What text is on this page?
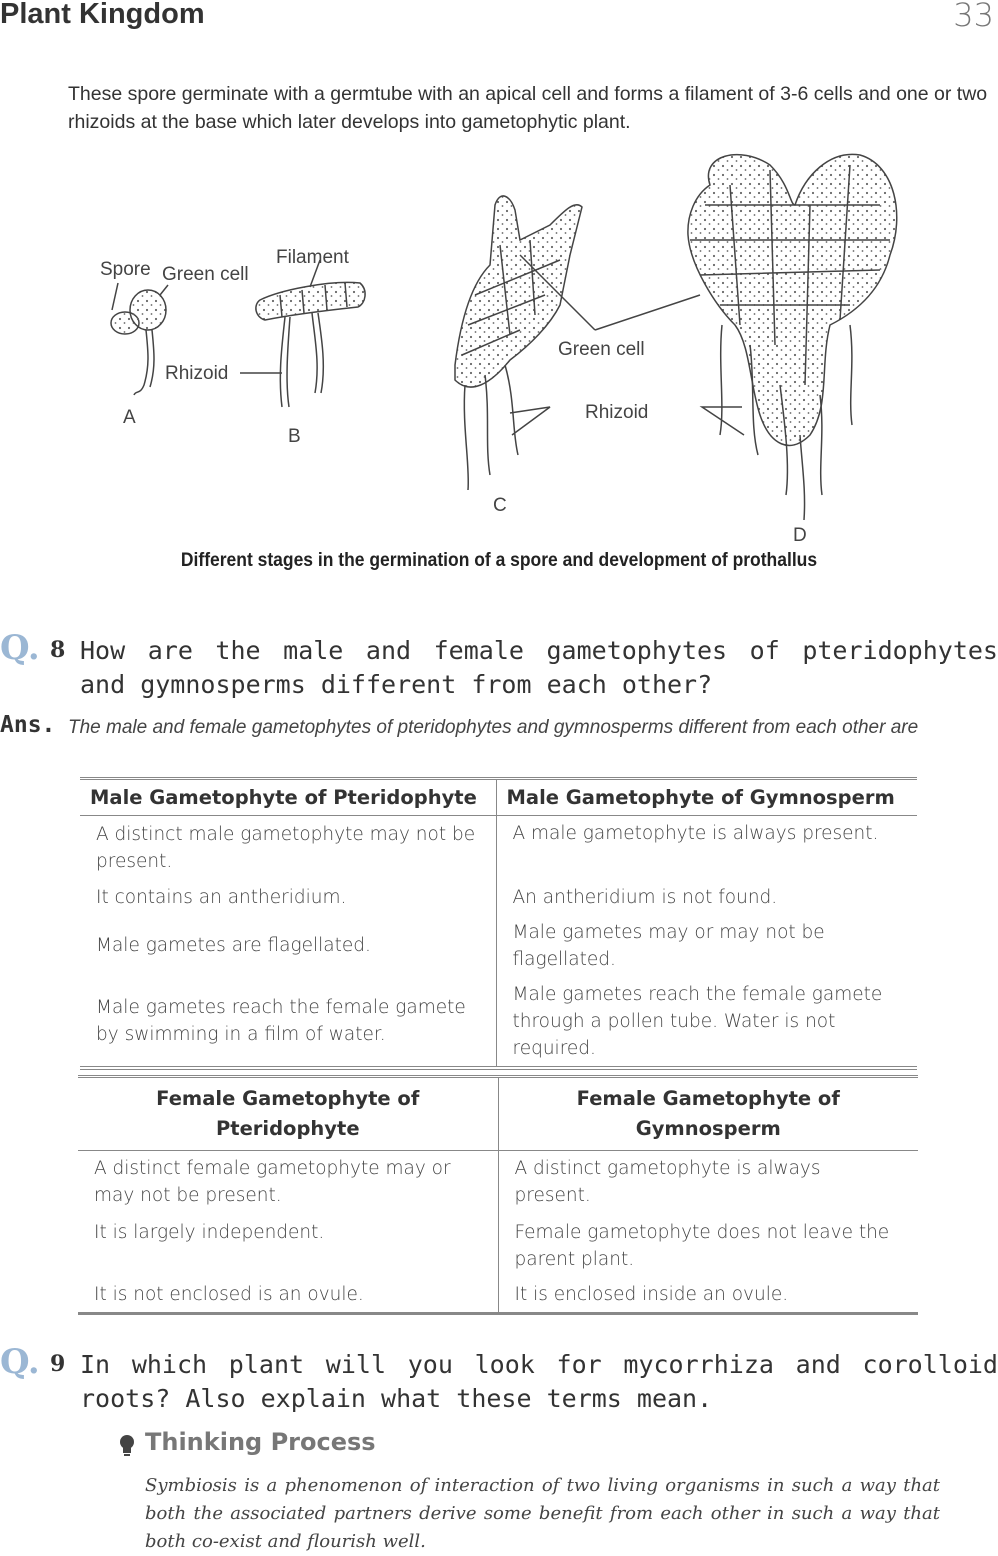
Plant Kingdom	33
These spore germinate with a germtube with an apical cell and forms a filament of 3-6 cells and one or two rhizoids at the base which later develops into gametophytic plant.
Spore Green cell
Filament
Rhizoid
A
B
Green cell
Rhizoid
C
D
Different stages in the germination of a spore and development of prothallus
Q. 8 How are the male and female gametophytes of pteridophytes and gymnosperms different from each other?
Ans. The male and female gametophytes of pteridophytes and gymnosperms different from each other are
Male Gametophyte of Pteridophyte	Male Gametophyte of Gymnosperm
A distinct male gametophyte may not be present.	A male gametophyte is always present.
It contains an antheridium.	An antheridium is not found.
Male gametes are flagellated.	Male gametes may or may not be flagellated.
Male gametes reach the female gamete by swimming in a film of water.	Male gametes reach the female gamete through a pollen tube. Water is not required.
Female Gametophyte of Pteridophyte	Female Gametophyte of Gymnosperm
A distinct female gametophyte may or may not be present.	A distinct gametophyte is always present.
It is largely independent.	Female gametophyte does not leave the parent plant.
It is not enclosed is an ovule.	It is enclosed inside an ovule.
Q. 9 In which plant will you look for mycorrhiza and corolloid roots? Also explain what these terms mean.
Thinking Process
Symbiosis is a phenomenon of interaction of two living organisms in such a way that both the associated partners derive some benefit from each other in such a way that both co-exist and flourish well.
